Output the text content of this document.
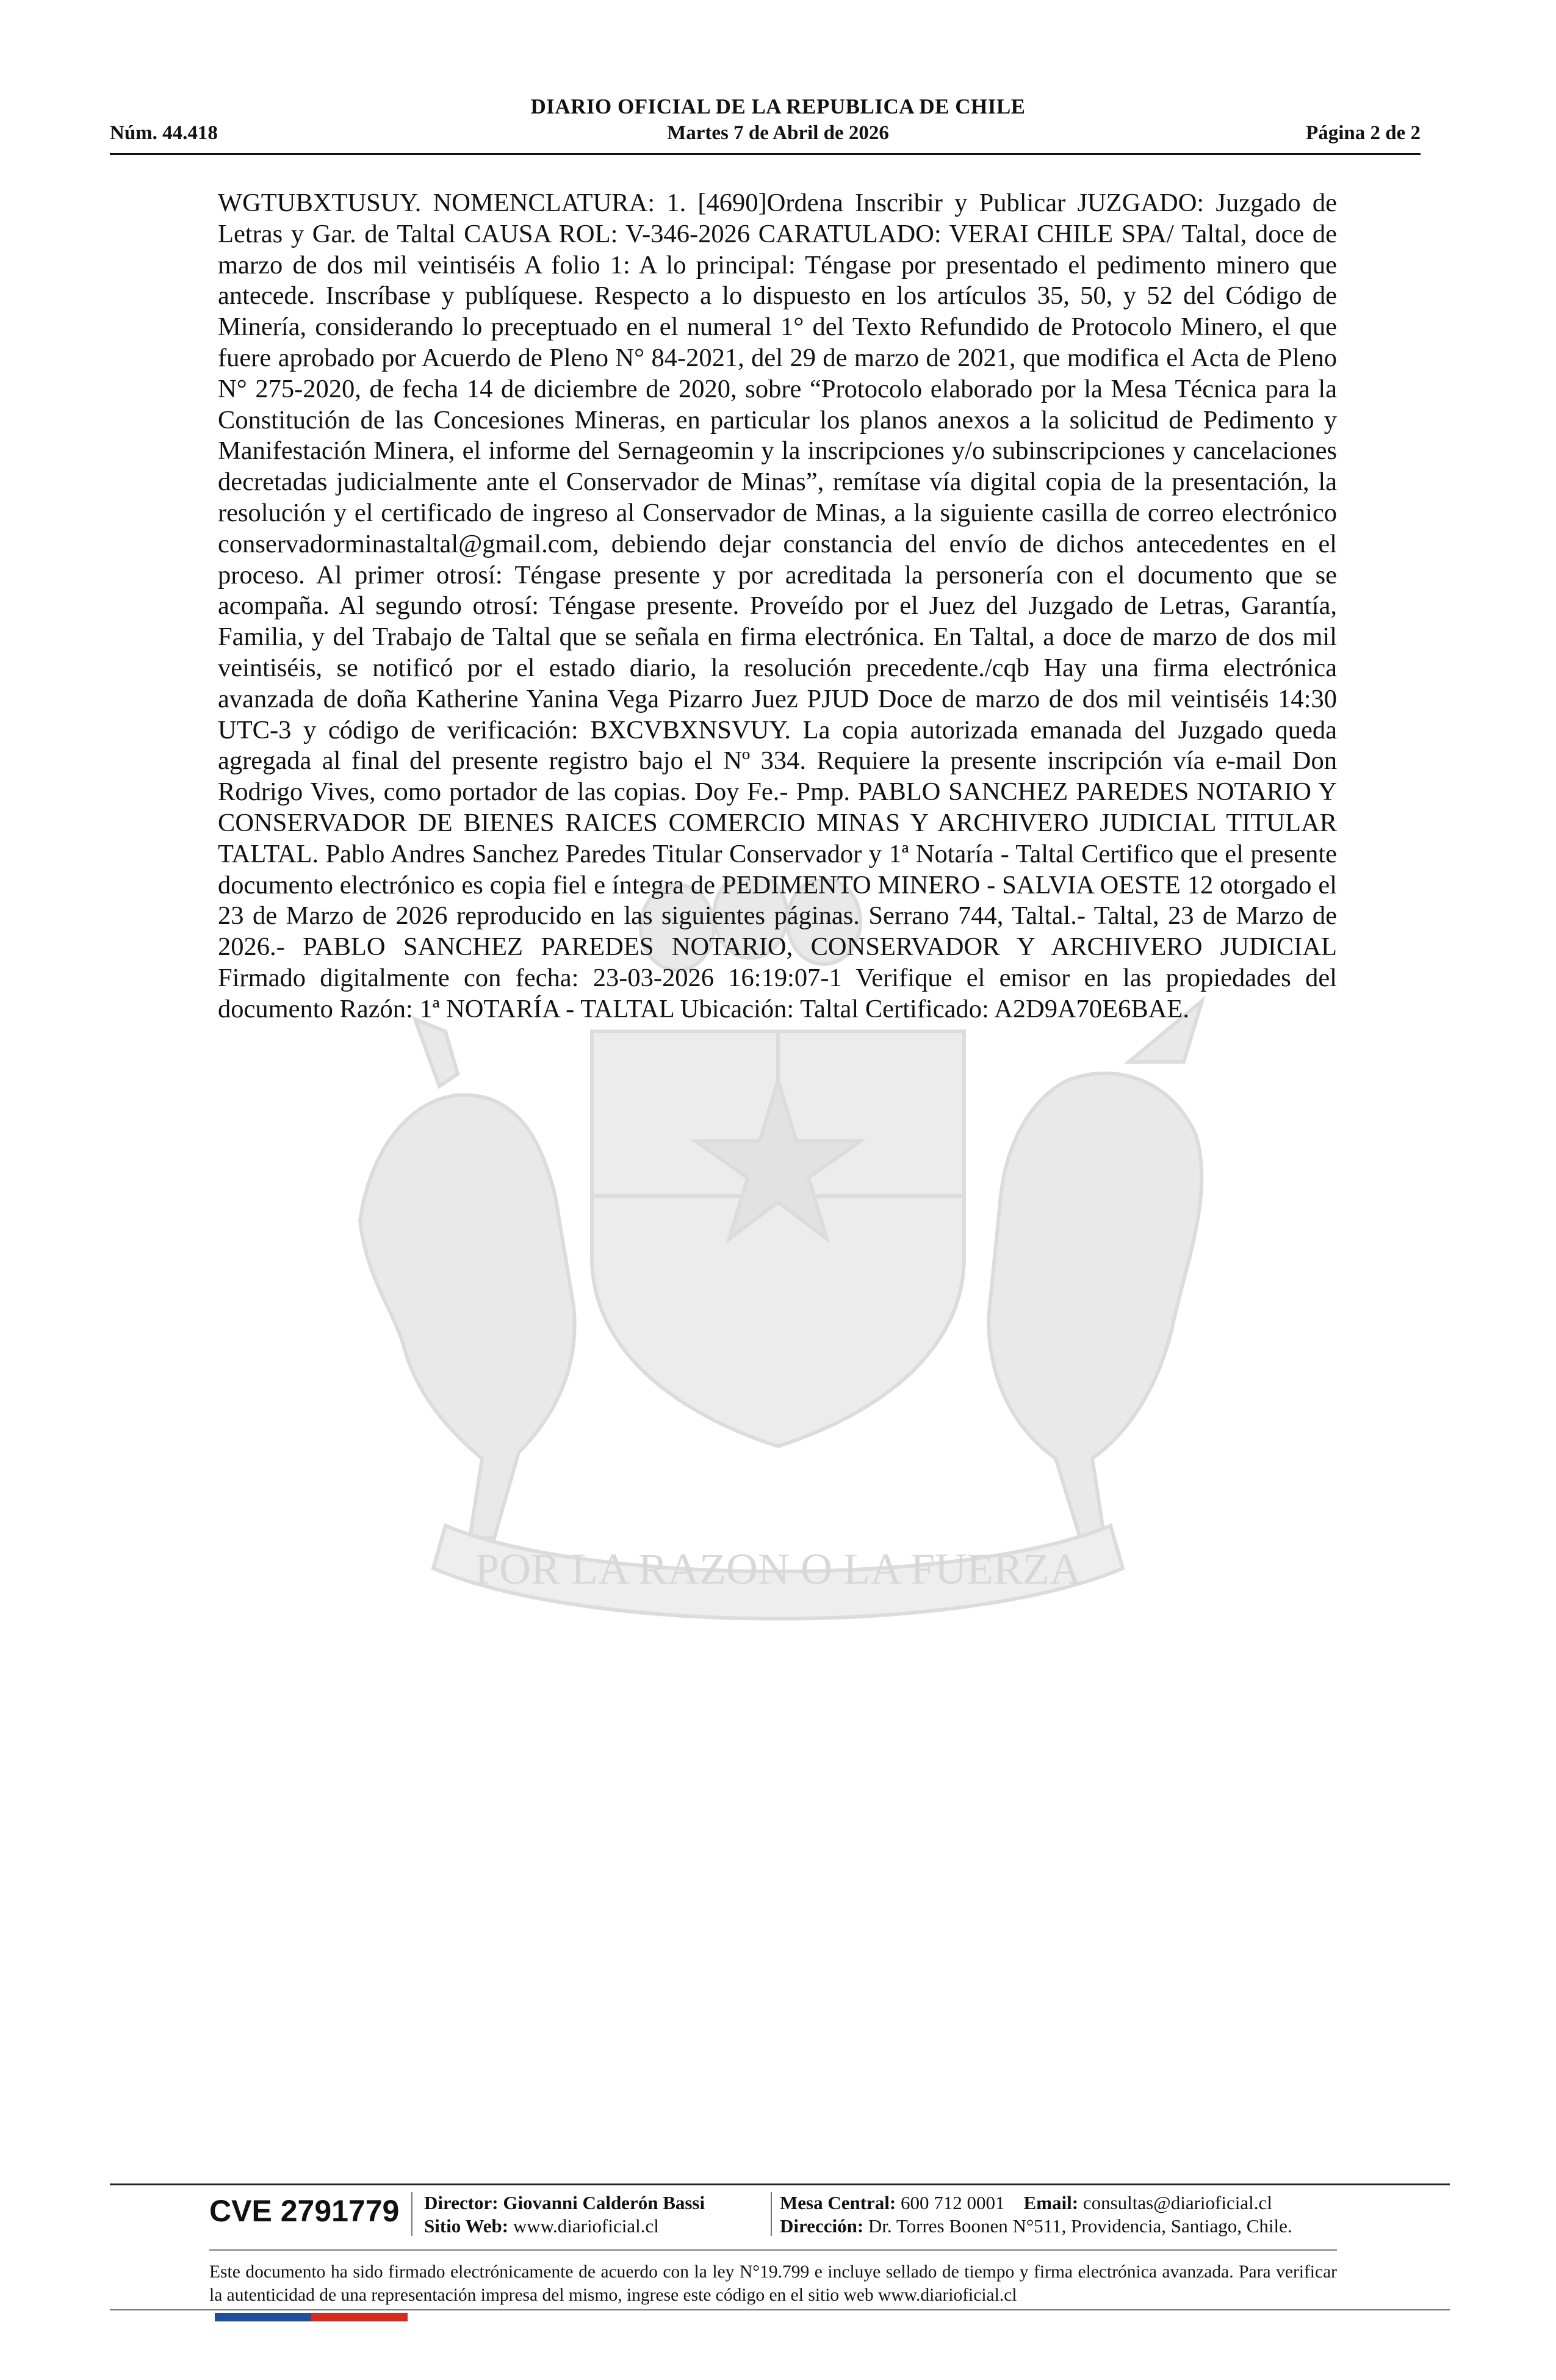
DIARIO OFICIAL DE LA REPUBLICA DE CHILE
Núm. 44.418	Martes 7 de Abril de 2026	Página 2 de 2
POR LA RAZON O LA FUERZA
WGTUBXTUSUY. NOMENCLATURA: 1. [4690]Ordena Inscribir y Publicar JUZGADO: Juzgado de Letras y Gar. de Taltal CAUSA ROL: V-346-2026 CARATULADO: VERAI CHILE SPA/ Taltal, doce de marzo de dos mil veintiséis A folio 1: A lo principal: Téngase por presentado el pedimento minero que antecede. Inscríbase y publíquese. Respecto a lo dispuesto en los artículos 35, 50, y 52 del Código de Minería, considerando lo preceptuado en el numeral 1° del Texto Refundido de Protocolo Minero, el que fuere aprobado por Acuerdo de Pleno N° 84-2021, del 29 de marzo de 2021, que modifica el Acta de Pleno N° 275-2020, de fecha 14 de diciembre de 2020, sobre “Protocolo elaborado por la Mesa Técnica para la Constitución de las Concesiones Mineras, en particular los planos anexos a la solicitud de Pedimento y Manifestación Minera, el informe del Sernageomin y la inscripciones y/o subinscripciones y cancelaciones decretadas judicialmente ante el Conservador de Minas”, remítase vía digital copia de la presentación, la resolución y el certificado de ingreso al Conservador de Minas, a la siguiente casilla de correo electrónico conservadorminastaltal@gmail.com, debiendo dejar constancia del envío de dichos antecedentes en el proceso. Al primer otrosí: Téngase presente y por acreditada la personería con el documento que se acompaña. Al segundo otrosí: Téngase presente. Proveído por el Juez del Juzgado de Letras, Garantía, Familia, y del Trabajo de Taltal que se señala en firma electrónica. En Taltal, a doce de marzo de dos mil veintiséis, se notificó por el estado diario, la resolución precedente./cqb Hay una firma electrónica avanzada de doña Katherine Yanina Vega Pizarro Juez PJUD Doce de marzo de dos mil veintiséis 14:30 UTC-3 y código de verificación: BXCVBXNSVUY. La copia autorizada emanada del Juzgado queda agregada al final del presente registro bajo el Nº 334. Requiere la presente inscripción vía e-mail Don Rodrigo Vives, como portador de las copias. Doy Fe.- Pmp. PABLO SANCHEZ PAREDES NOTARIO Y CONSERVADOR DE BIENES RAICES COMERCIO MINAS Y ARCHIVERO JUDICIAL TITULAR TALTAL. Pablo Andres Sanchez Paredes Titular Conservador y 1ª Notaría - Taltal Certifico que el presente documento electrónico es copia fiel e íntegra de PEDIMENTO MINERO - SALVIA OESTE 12 otorgado el 23 de Marzo de 2026 reproducido en las siguientes páginas. Serrano 744, Taltal.- Taltal, 23 de Marzo de 2026.- PABLO SANCHEZ PAREDES NOTARIO, CONSERVADOR Y ARCHIVERO JUDICIAL Firmado digitalmente con fecha: 23-03-2026 16:19:07-1 Verifique el emisor en las propiedades del documento Razón: 1ª NOTARÍA - TALTAL Ubicación: Taltal Certificado: A2D9A70E6BAE.
CVE 2791779 Director: Giovanni Calderón Bassi
Sitio Web: www.diarioficial.cl
Mesa Central: 600 712 0001 Email: consultas@diarioficial.cl
Dirección: Dr. Torres Boonen N°511, Providencia, Santiago, Chile.
Este documento ha sido firmado electrónicamente de acuerdo con la ley N°19.799 e incluye sellado de tiempo y firma electrónica avanzada. Para verificar la autenticidad de una representación impresa del mismo, ingrese este código en el sitio web www.diarioficial.cl
